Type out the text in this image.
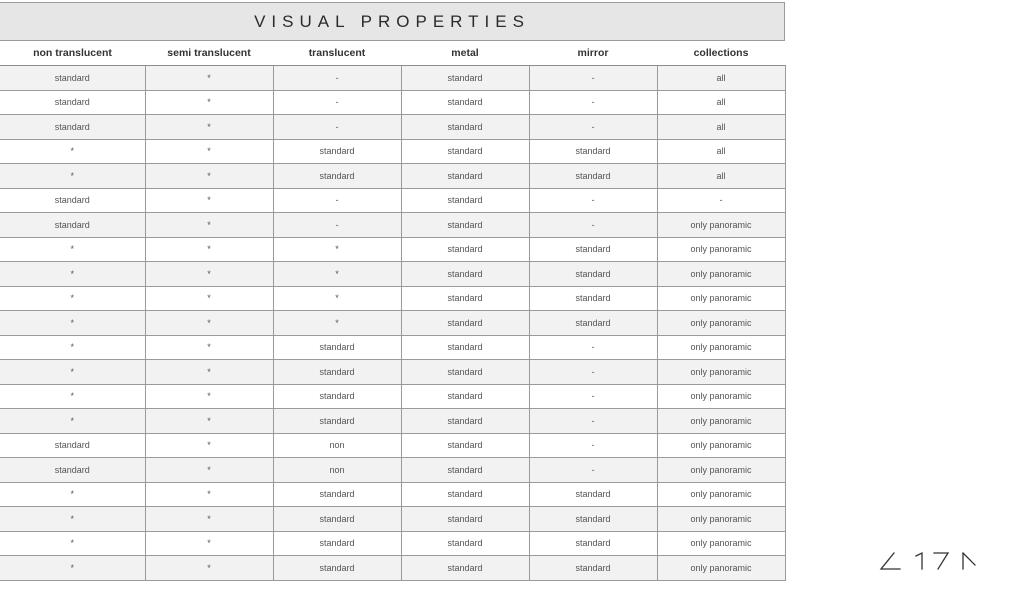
VISUAL PROPERTIES
non translucent	semi translucent	translucent	metal	mirror	collections
standard	*	-	standard	-	all
standard	*	-	standard	-	all
standard	*	-	standard	-	all
*	*	standard	standard	standard	all
*	*	standard	standard	standard	all
standard	*	-	standard	-	-
standard	*	-	standard	-	only panoramic
*	*	*	standard	standard	only panoramic
*	*	*	standard	standard	only panoramic
*	*	*	standard	standard	only panoramic
*	*	*	standard	standard	only panoramic
*	*	standard	standard	-	only panoramic
*	*	standard	standard	-	only panoramic
*	*	standard	standard	-	only panoramic
*	*	standard	standard	-	only panoramic
standard	*	non	standard	-	only panoramic
standard	*	non	standard	-	only panoramic
*	*	standard	standard	standard	only panoramic
*	*	standard	standard	standard	only panoramic
*	*	standard	standard	standard	only panoramic
*	*	standard	standard	standard	only panoramic
